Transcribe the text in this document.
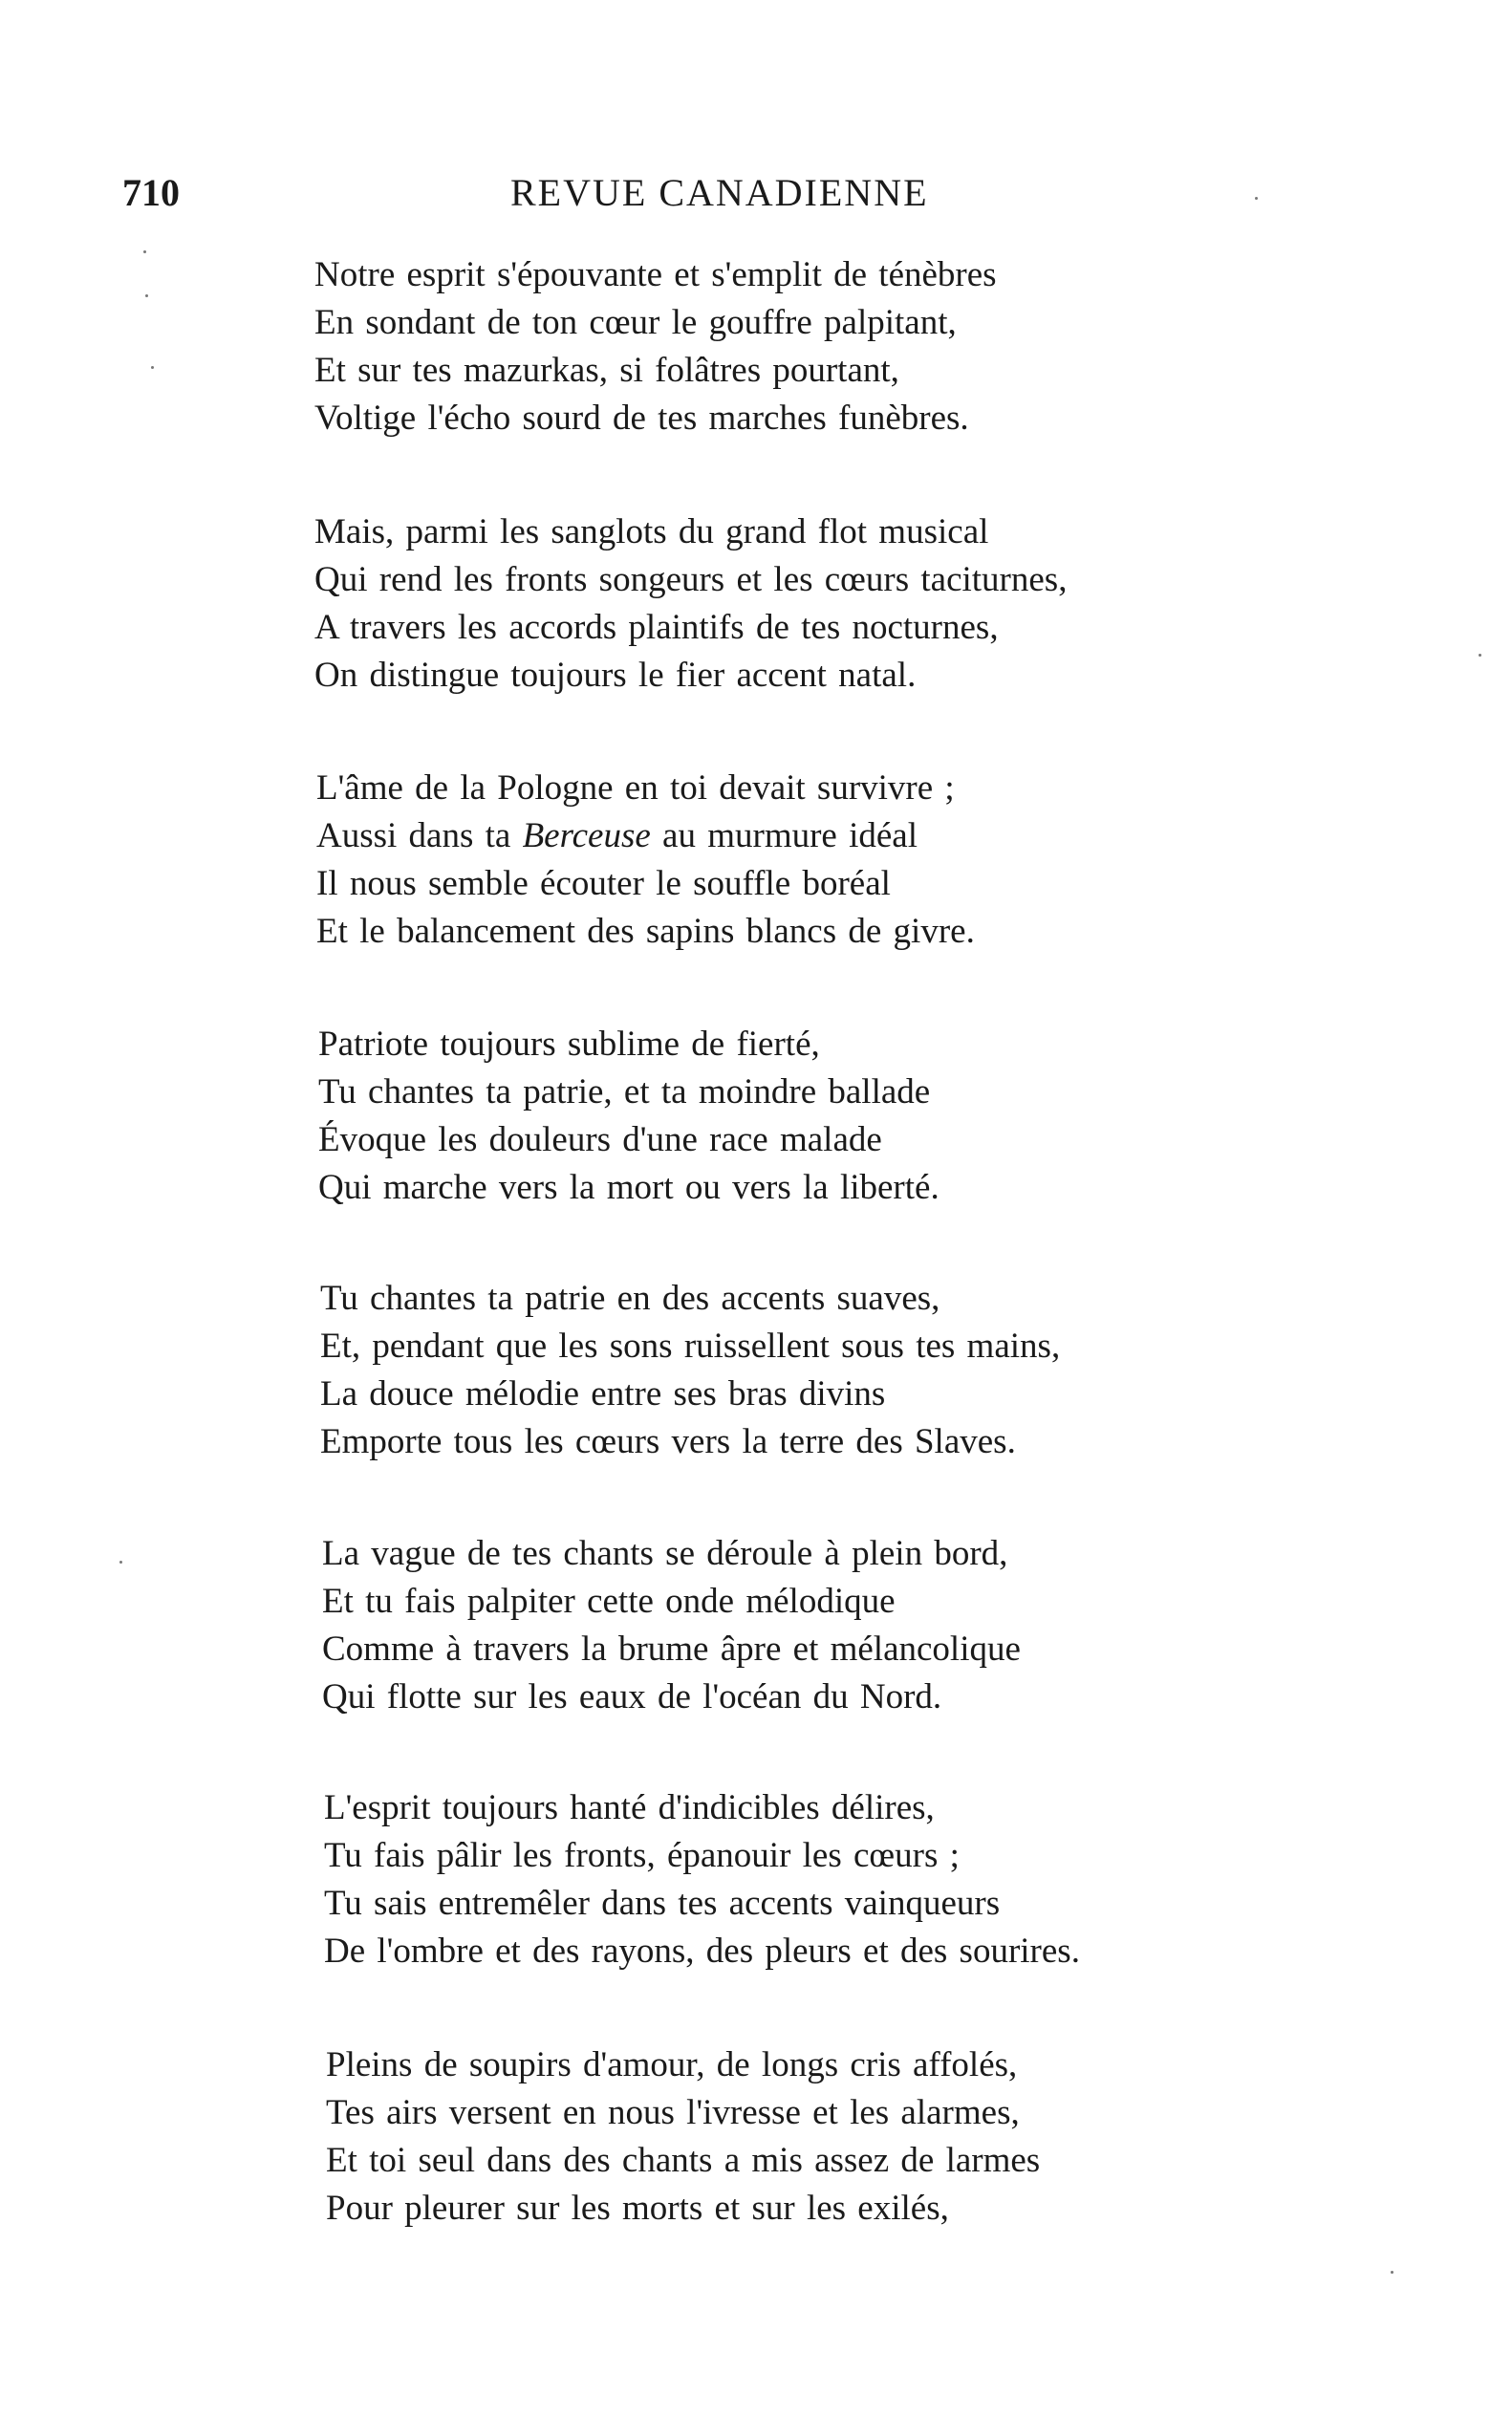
710	REVUE CANADIENNE
Notre esprit s'épouvante et s'emplit de ténèbres
En sondant de ton cœur le gouffre palpitant,
Et sur tes mazurkas, si folâtres pourtant,
Voltige l'écho sourd de tes marches funèbres.
Mais, parmi les sanglots du grand flot musical
Qui rend les fronts songeurs et les cœurs taciturnes,
A travers les accords plaintifs de tes nocturnes,
On distingue toujours le fier accent natal.
L'âme de la Pologne en toi devait survivre ;
Aussi dans ta Berceuse au murmure idéal
Il nous semble écouter le souffle boréal
Et le balancement des sapins blancs de givre.
Patriote toujours sublime de fierté,
Tu chantes ta patrie, et ta moindre ballade
Évoque les douleurs d'une race malade
Qui marche vers la mort ou vers la liberté.
Tu chantes ta patrie en des accents suaves,
Et, pendant que les sons ruissellent sous tes mains,
La douce mélodie entre ses bras divins
Emporte tous les cœurs vers la terre des Slaves.
La vague de tes chants se déroule à plein bord,
Et tu fais palpiter cette onde mélodique
Comme à travers la brume âpre et mélancolique
Qui flotte sur les eaux de l'océan du Nord.
L'esprit toujours hanté d'indicibles délires,
Tu fais pâlir les fronts, épanouir les cœurs ;
Tu sais entremêler dans tes accents vainqueurs
De l'ombre et des rayons, des pleurs et des sourires.
Pleins de soupirs d'amour, de longs cris affolés,
Tes airs versent en nous l'ivresse et les alarmes,
Et toi seul dans des chants a mis assez de larmes
Pour pleurer sur les morts et sur les exilés,
